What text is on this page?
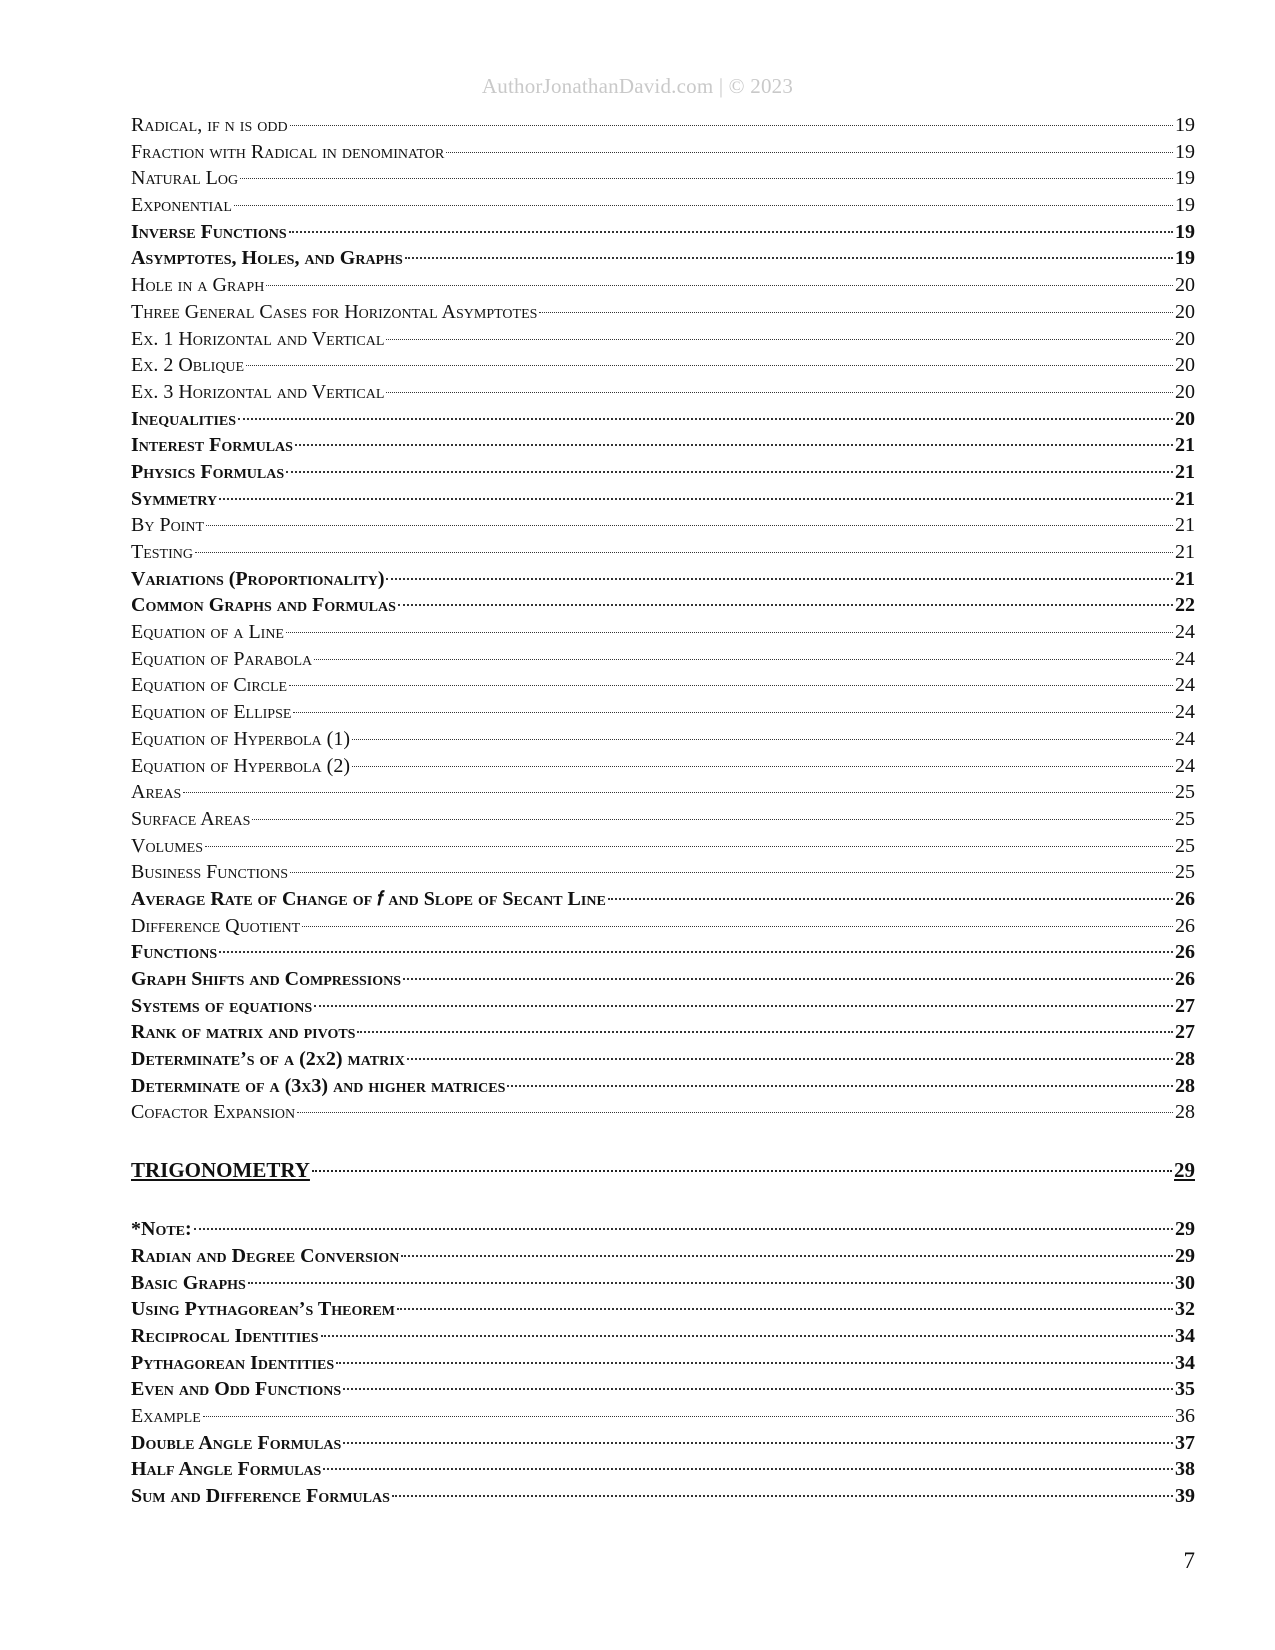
AuthorJonathanDavid.com | © 2023
Radical, if n is odd	19
Fraction with Radical in denominator	19
Natural Log	19
Exponential	19
Inverse Functions	19
Asymptotes, Holes, and Graphs	19
Hole in a Graph	20
Three General Cases for Horizontal Asymptotes	20
Ex. 1 Horizontal and Vertical	20
Ex. 2 Oblique	20
Ex. 3 Horizontal and Vertical	20
Inequalities	20
Interest Formulas	21
Physics Formulas	21
Symmetry	21
By Point	21
Testing	21
Variations (Proportionality)	21
Common Graphs and Formulas	22
Equation of a Line	24
Equation of Parabola	24
Equation of Circle	24
Equation of Ellipse	24
Equation of Hyperbola (1)	24
Equation of Hyperbola (2)	24
Areas	25
Surface Areas	25
Volumes	25
Business Functions	25
Average Rate of Change of 𝑓 and Slope of Secant Line	26
Difference Quotient	26
Functions	26
Graph Shifts and Compressions	26
Systems of equations	27
Rank of matrix and pivots	27
Determinate’s of a (2x2) matrix	28
Determinate of a (3x3) and higher matrices	28
Cofactor Expansion	28
TRIGONOMETRY	29
*Note:	29
Radian and Degree Conversion	29
Basic Graphs	30
Using Pythagorean’s Theorem	32
Reciprocal Identities	34
Pythagorean Identities	34
Even and Odd Functions	35
Example	36
Double Angle Formulas	37
Half Angle Formulas	38
Sum and Difference Formulas	39
7
